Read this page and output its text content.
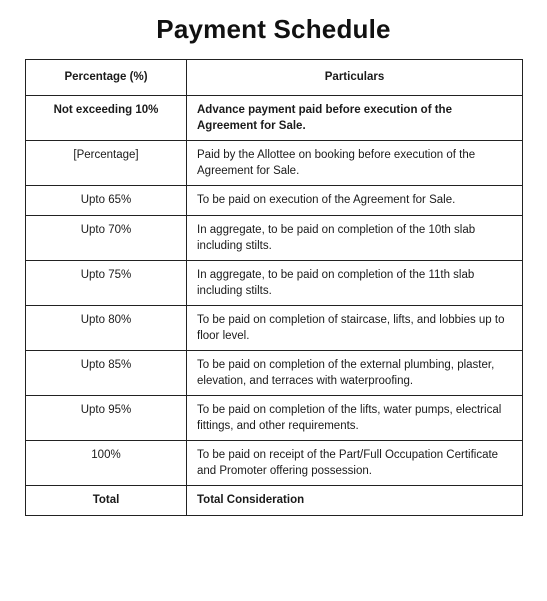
Payment Schedule
Percentage (%)	Particulars
Not exceeding 10%	Advance payment paid before execution of the Agreement for Sale.
[Percentage]	Paid by the Allottee on booking before execution of the Agreement for Sale.
Upto 65%	To be paid on execution of the Agreement for Sale.
Upto 70%	In aggregate, to be paid on completion of the 10th slab including stilts.
Upto 75%	In aggregate, to be paid on completion of the 11th slab including stilts.
Upto 80%	To be paid on completion of staircase, lifts, and lobbies up to floor level.
Upto 85%	To be paid on completion of the external plumbing, plaster, elevation, and terraces with waterproofing.
Upto 95%	To be paid on completion of the lifts, water pumps, electrical fittings, and other requirements.
100%	To be paid on receipt of the Part/Full Occupation Certificate and Promoter offering possession.
Total	Total Consideration
